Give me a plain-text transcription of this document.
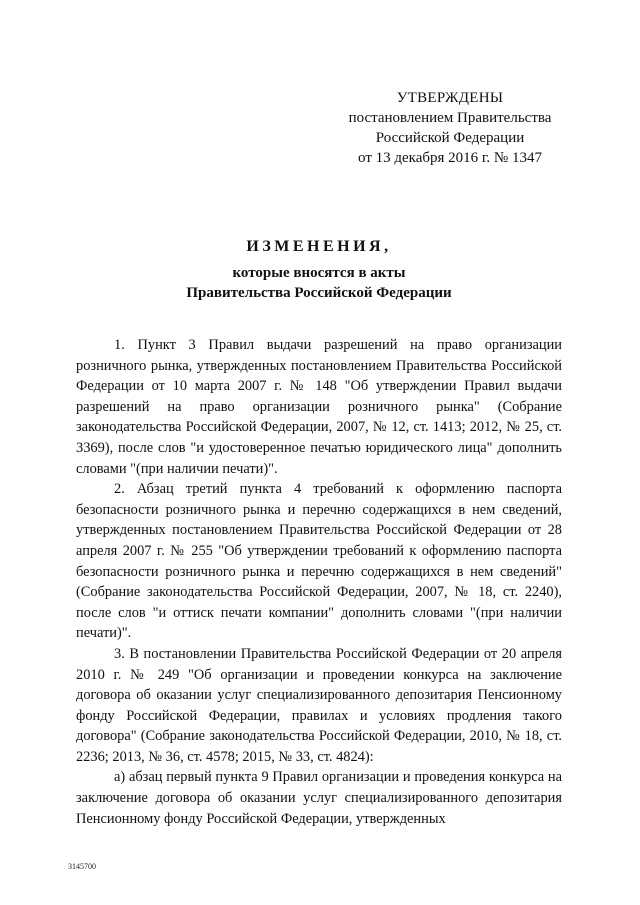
УТВЕРЖДЕНЫ
постановлением Правительства
Российской Федерации
от 13 декабря 2016 г. № 1347
ИЗМЕНЕНИЯ,
которые вносятся в акты
Правительства Российской Федерации

1. Пункт 3 Правил выдачи разрешений на право организации розничного рынка, утвержденных постановлением Правительства Российской Федерации от 10 марта 2007 г. № 148 "Об утверждении Правил выдачи разрешений на право организации розничного рынка" (Собрание законодательства Российской Федерации, 2007, № 12, ст. 1413; 2012, № 25, ст. 3369), после слов "и удостоверенное печатью юридического лица" дополнить словами "(при наличии печати)".

2. Абзац третий пункта 4 требований к оформлению паспорта безопасности розничного рынка и перечню содержащихся в нем сведений, утвержденных постановлением Правительства Российской Федерации от 28 апреля 2007 г. № 255 "Об утверждении требований к оформлению паспорта безопасности розничного рынка и перечню содержащихся в нем сведений" (Собрание законодательства Российской Федерации, 2007, № 18, ст. 2240), после слов "и оттиск печати компании" дополнить словами "(при наличии печати)".

3. В постановлении Правительства Российской Федерации от 20 апреля 2010 г. № 249 "Об организации и проведении конкурса на заключение договора об оказании услуг специализированного депозитария Пенсионному фонду Российской Федерации, правилах и условиях продления такого договора" (Собрание законодательства Российской Федерации, 2010, № 18, ст. 2236; 2013, № 36, ст. 4578; 2015, № 33, ст. 4824):

а) абзац первый пункта 9 Правил организации и проведения конкурса на заключение договора об оказании услуг специализированного депозитария Пенсионному фонду Российской Федерации, утвержденных

3145700
